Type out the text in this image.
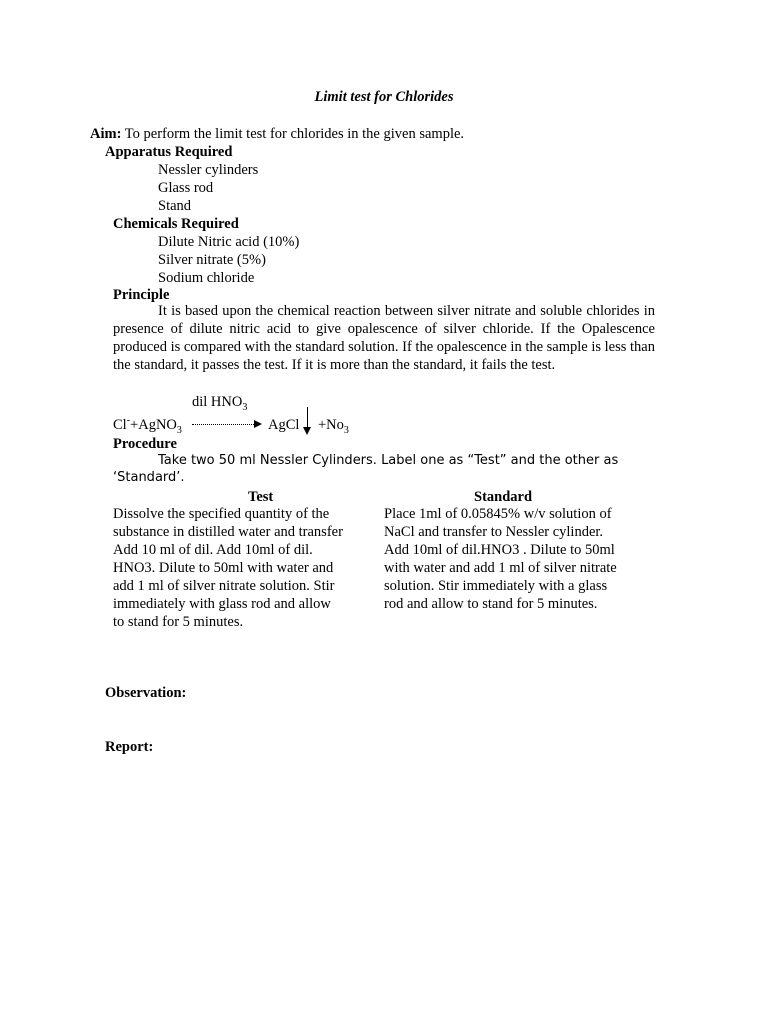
Limit test for Chlorides
Aim: To perform the limit test for chlorides in the given sample.
Apparatus Required
Nessler cylinders
Glass rod
Stand
Chemicals Required
Dilute Nitric acid (10%)
Silver nitrate (5%)
Sodium chloride
Principle
It is based upon the chemical reaction between silver nitrate and soluble chlorides in presence of dilute nitric acid to give opalescence of silver chloride. If the Opalescence produced is compared with the standard solution. If the opalescence in the sample is less than the standard, it passes the test. If it is more than the standard, it fails the test.
dil $HNO_3$
Cl-+AgNO$_3$	AgCl $+No_3$
Procedure
Take two 50 ml Nessler Cylinders. Label one as “Test” and the other as
‘Standard’.
Test	Standard
Dissolve the specified quantity of the
substance in distilled water and transfer
Add 10 ml of dil. Add 10ml of dil.
HNO3. Dilute to 50ml with water and
add 1 ml of silver nitrate solution. Stir
immediately with glass rod and allow
to stand for 5 minutes.
Place 1ml of 0.05845% w/v solution of
NaCl and transfer to Nessler cylinder.
Add 10ml of dil.HNO3 . Dilute to 50ml
with water and add 1 ml of silver nitrate
solution. Stir immediately with a glass
rod and allow to stand for 5 minutes.
Observation:
Report:
